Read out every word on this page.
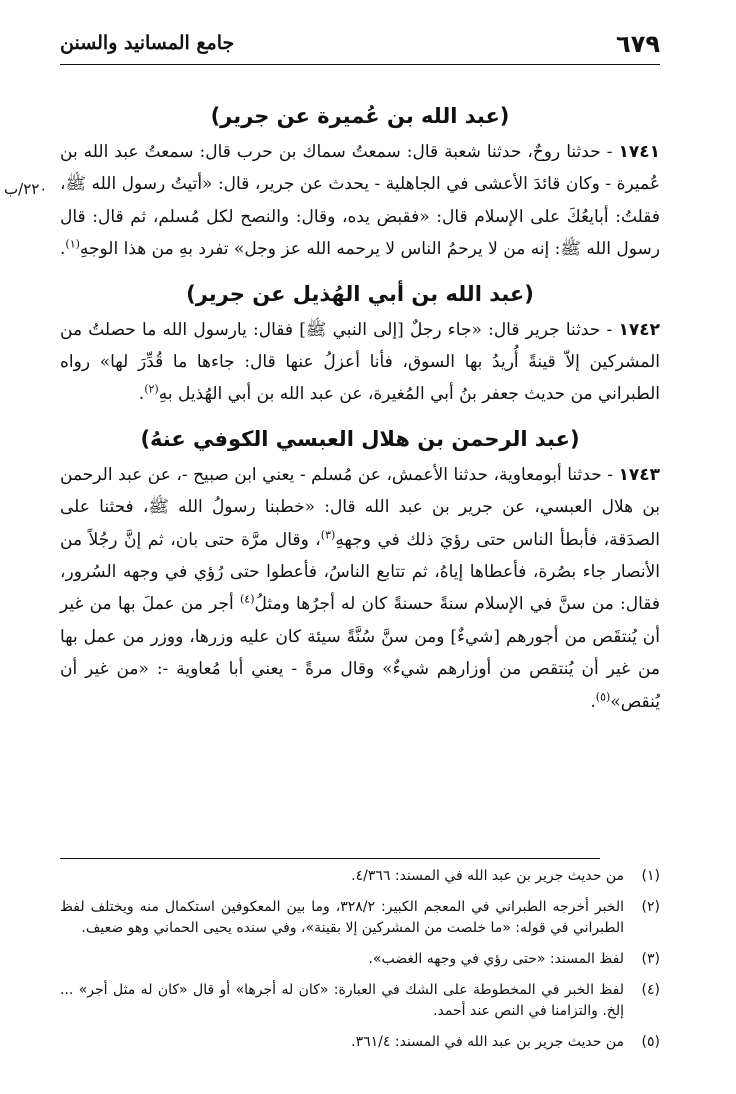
٦٧٩
جامع المسانيد والسنن
٢٢٠/ب
(عبد الله بن عُميرة عن جرير)

١٧٤١ - حدثنا روحٌ، حدثنا شعبة قال: سمعتُ سماك بن حرب قال: سمعتُ عبد الله بن عُميرة - وكان قائدَ الأعشى في الجاهلية - يحدث عن جرير، قال: «أتيتُ رسول الله ﷺ، فقلتُ: أبايعُكَ على الإسلام قال: «فقبض يده، وقال: والنصح لكل مُسلم، ثم قال: قال رسول الله ﷺ: إنه من لا يرحمُ الناس لا يرحمه الله عز وجل» تفرد بهِ من هذا الوجهِ$^{(١)}$.

(عبد الله بن أبي الهُذيل عن جرير)

١٧٤٢ - حدثنا جرير قال: «جاء رجلٌ [إلى النبي ﷺ] فقال: يارسول الله ما حصلتُ من المشركين إلاّ قينةً أُريدُ بها السوق، فأنا أعزلُ عنها قال: جاءها ما قُدِّرَ لها» رواه الطبراني من حديث جعفر بنُ أبي المُغيرة، عن عبد الله بن أبي الهُذيل بهِ$^{(٢)}$.

(عبد الرحمن بن هلال العبسي الكوفي عنهُ)

١٧٤٣ - حدثنا أبومعاوية، حدثنا الأعمش، عن مُسلم - يعني ابن صبيح -، عن عبد الرحمن بن هلال العبسي، عن جرير بن عبد الله قال: «خطبنا رسولُ الله ﷺ، فحثنا على الصدَقة، فأبطأ الناس حتى رؤيَ ذلك في وجههِ$^{(٣)}$، وقال مرَّة حتى بان، ثم إنَّ رجُلاً من الأنصار جاء بصُرة، فأعطاها إياهُ، ثم تتابع الناسُ، فأعطوا حتى رُؤي في وجهه السُرور، فقال: من سنَّ في الإسلام سنةً حسنةً كان له أجرُها ومثلُ$^{(٤)}$ أجر من عملَ بها من غير أن يُنتقَص من أجورهم [شيءٌ] ومن سنَّ سُنَّةً سيئة كان عليه وزرها، ووزر من عمل بها من غير أن يُنتقص من أوزارهم شيءٌ» وقال مرةً - يعني أبا مُعاوية -: «من غير أن يُنقص»$^{(٥)}$.

(١)
من حديث جرير بن عبد الله في المسند: ٤/٣٦٦.
(٢)
الخبر أخرجه الطبراني في المعجم الكبير: ٣٢٨/٢، وما بين المعكوفين استكمال منه ويختلف لفظ الطبراني في قوله: «ما خلصت من المشركين إلا بقينة»، وفي سنده يحيى الحماني وهو ضعيف.
(٣)
لفظ المسند: «حتى رؤي في وجهه الغضب».
(٤)
لفظ الخبر في المخطوطة على الشك في العبارة: «كان له أجرها» أو قال «كان له مثل أجر» ... إلخ. والتزامنا في النص عند أحمد.
(٥)
من حديث جرير بن عبد الله في المسند: ٣٦١/٤.
